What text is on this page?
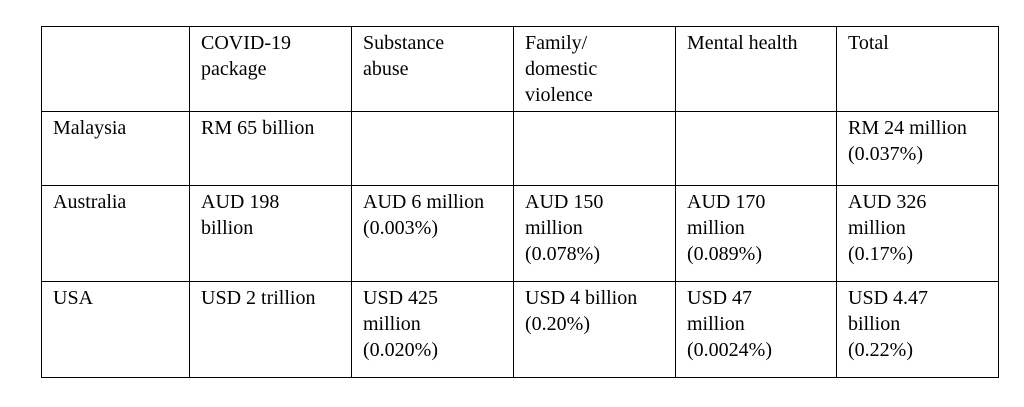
	COVID-19
package	Substance
abuse	Family/
domestic
violence	Mental health	Total

Malaysia	RM 65 billion				RM 24 million
(0.037%)

Australia	AUD 198
billion	AUD 6 million
(0.003%)	AUD 150
million
(0.078%)	AUD 170
million
(0.089%)	AUD 326
million
(0.17%)

USA	USD 2 trillion	USD 425
million
(0.020%)	USD 4 billion
(0.20%)	USD 47
million
(0.0024%)	USD 4.47
billion
(0.22%)
